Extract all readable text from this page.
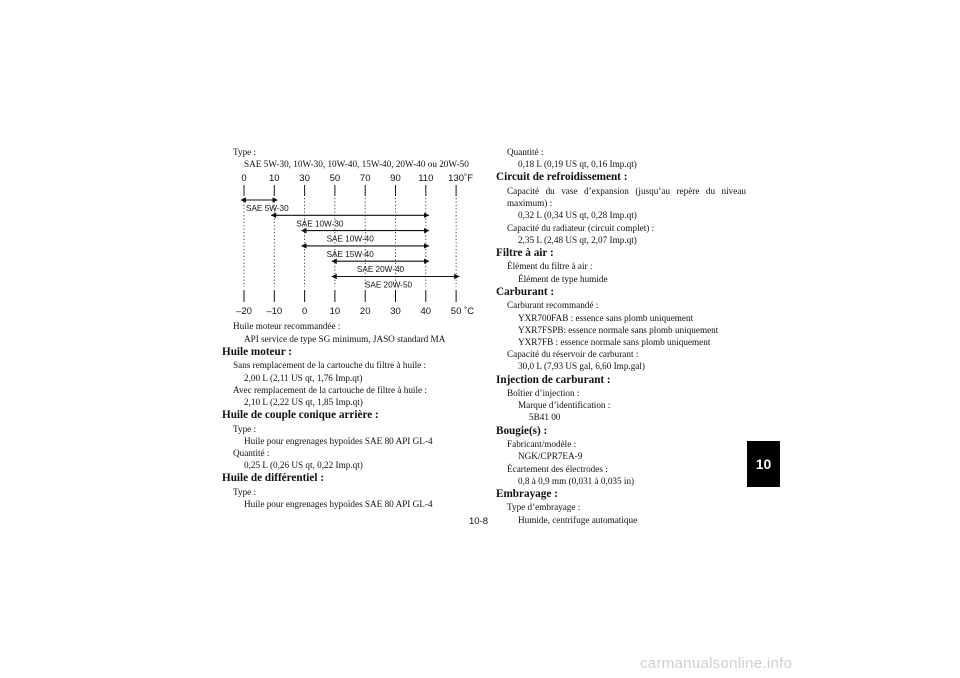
Type :
SAE 5W-30, 10W-30, 10W-40, 15W-40, 20W-40 ou 20W-50
SAE 5W-30
SAE 10W-30
SAE 10W-40
SAE 15W-40
SAE 20W-40
SAE 20W-50
0 10 30 50 70 90 110 130 ˚F
–20 –10 0 10 20 30 40 50 ˚C
Huile moteur recommandée :
API service de type SG minimum, JASO standard MA
Huile moteur :
Sans remplacement de la cartouche du filtre à huile :
2,00 L (2,11 US qt, 1,76 Imp.qt)
Avec remplacement de la cartouche de filtre à huile :
2,10 L (2,22 US qt, 1,85 Imp.qt)
Huile de couple conique arrière :
Type :
Huile pour engrenages hypoïdes SAE 80 API GL-4
Quantité :
0,25 L (0,26 US qt, 0,22 Imp.qt)
Huile de différentiel :
Type :
Huile pour engrenages hypoïdes SAE 80 API GL-4
Quantité :
0,18 L (0,19 US qt, 0,16 Imp.qt)
Circuit de refroidissement :
Capacité du vase d’expansion (jusqu’au repère du niveau
maximum) :
0,32 L (0,34 US qt, 0,28 Imp.qt)
Capacité du radiateur (circuit complet) :
2,35 L (2,48 US qt, 2,07 Imp.qt)
Filtre à air :
Élément du filtre à air :
Élément de type humide
Carburant :
Carburant recommandé :
YXR700FAB : essence sans plomb uniquement
YXR7FSPB: essence normale sans plomb uniquement
YXR7FB : essence normale sans plomb uniquement
Capacité du réservoir de carburant :
30,0 L (7,93 US gal, 6,60 Imp.gal)
Injection de carburant :
Boîtier d’injection :
Marque d’identification :
5B41 00
Bougie(s) :
Fabricant/modèle :
NGK/CPR7EA-9
Écartement des électrodes :
0,8 à 0,9 mm (0,031 à 0,035 in)
Embrayage :
Type d’embrayage :
Humide, centrifuge automatique
10
10-8
carmanualsonline.info
